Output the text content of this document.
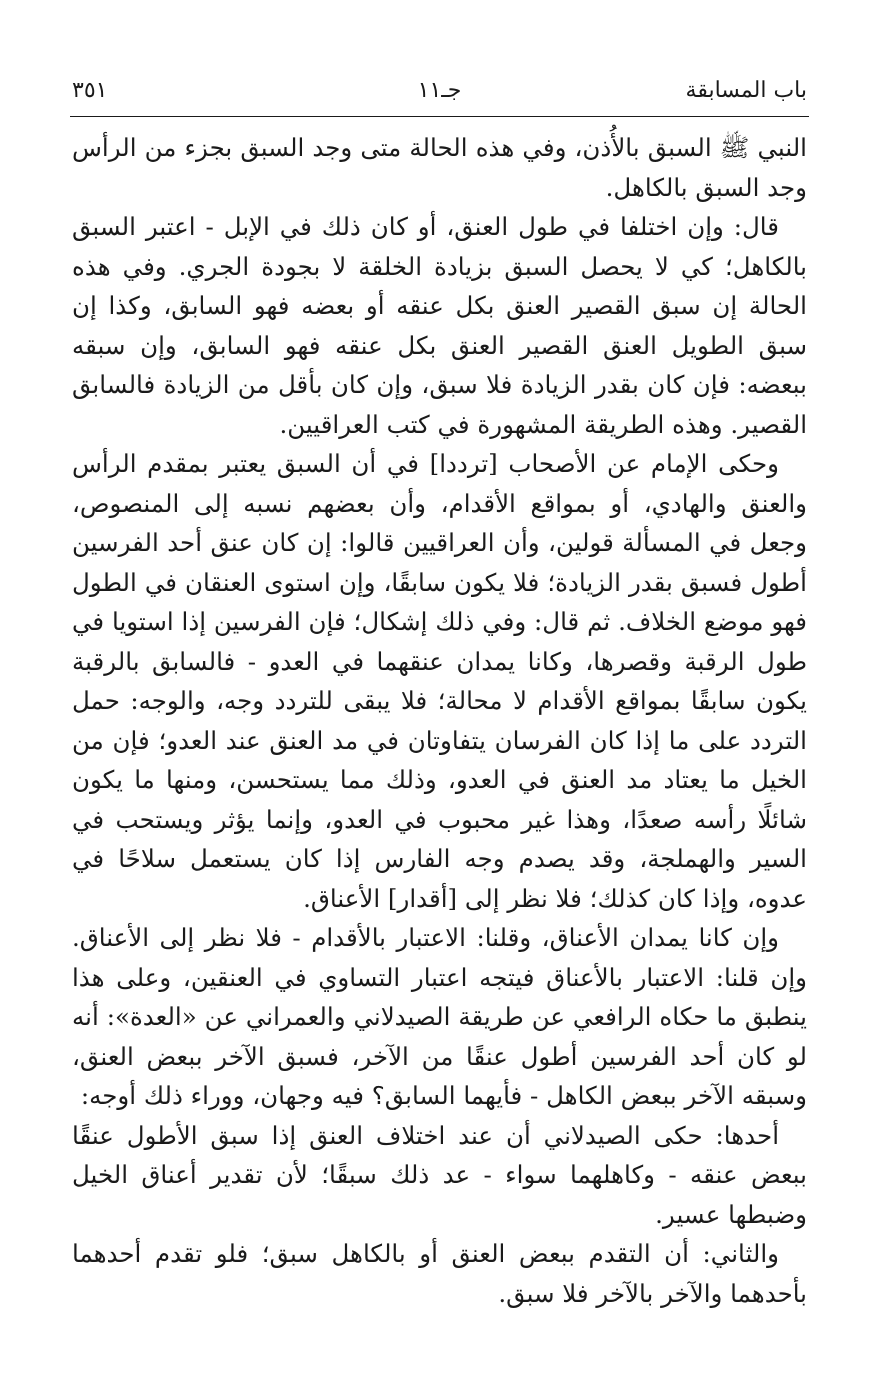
باب المسابقة
جـ١١
٣٥١

النبي ﷺ السبق بالأُذن، وفي هذه الحالة متى وجد السبق بجزء من الرأس وجد السبق بالكاهل.

قال: وإن اختلفا في طول العنق، أو كان ذلك في الإبل - اعتبر السبق بالكاهل؛ كي لا يحصل السبق بزيادة الخلقة لا بجودة الجري. وفي هذه الحالة إن سبق القصير العنق بكل عنقه أو بعضه فهو السابق، وكذا إن سبق الطويل العنق القصير العنق بكل عنقه فهو السابق، وإن سبقه ببعضه: فإن كان بقدر الزيادة فلا سبق، وإن كان بأقل من الزيادة فالسابق القصير. وهذه الطريقة المشهورة في كتب العراقيين.

وحكى الإمام عن الأصحاب [ترددا] في أن السبق يعتبر بمقدم الرأس والعنق والهادي، أو بمواقع الأقدام، وأن بعضهم نسبه إلى المنصوص، وجعل في المسألة قولين، وأن العراقيين قالوا: إن كان عنق أحد الفرسين أطول فسبق بقدر الزيادة؛ فلا يكون سابقًا، وإن استوى العنقان في الطول فهو موضع الخلاف. ثم قال: وفي ذلك إشكال؛ فإن الفرسين إذا استويا في طول الرقبة وقصرها، وكانا يمدان عنقهما في العدو - فالسابق بالرقبة يكون سابقًا بمواقع الأقدام لا محالة؛ فلا يبقى للتردد وجه، والوجه: حمل التردد على ما إذا كان الفرسان يتفاوتان في مد العنق عند العدو؛ فإن من الخيل ما يعتاد مد العنق في العدو، وذلك مما يستحسن، ومنها ما يكون شائلًا رأسه صعدًا، وهذا غير محبوب في العدو، وإنما يؤثر ويستحب في السير والهملجة، وقد يصدم وجه الفارس إذا كان يستعمل سلاحًا في عدوه، وإذا كان كذلك؛ فلا نظر إلى [أقدار] الأعناق.

وإن كانا يمدان الأعناق، وقلنا: الاعتبار بالأقدام - فلا نظر إلى الأعناق. وإن قلنا: الاعتبار بالأعناق فيتجه اعتبار التساوي في العنقين، وعلى هذا ينطبق ما حكاه الرافعي عن طريقة الصيدلاني والعمراني عن «العدة»: أنه لو كان أحد الفرسين أطول عنقًا من الآخر، فسبق الآخر ببعض العنق، وسبقه الآخر ببعض الكاهل - فأيهما السابق؟ فيه وجهان، ووراء ذلك أوجه:

أحدها: حكى الصيدلاني أن عند اختلاف العنق إذا سبق الأطول عنقًا ببعض عنقه - وكاهلهما سواء - عد ذلك سبقًا؛ لأن تقدير أعناق الخيل وضبطها عسير.

والثاني: أن التقدم ببعض العنق أو بالكاهل سبق؛ فلو تقدم أحدهما بأحدهما والآخر بالآخر فلا سبق.
